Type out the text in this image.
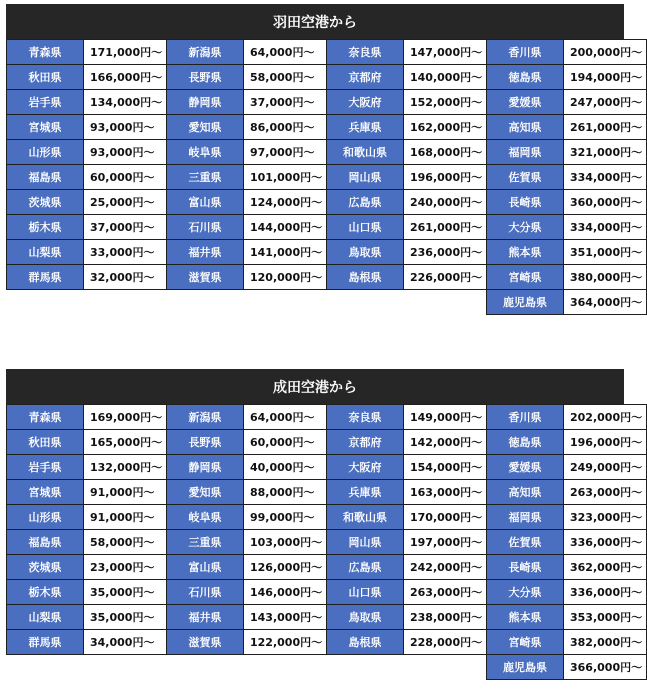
羽田空港から
青森県	171,000円〜	新潟県	64,000円〜	奈良県	147,000円〜	香川県	200,000円〜
秋田県	166,000円〜	長野県	58,000円〜	京都府	140,000円〜	徳島県	194,000円〜
岩手県	134,000円〜	静岡県	37,000円〜	大阪府	152,000円〜	愛媛県	247,000円〜
宮城県	93,000円〜	愛知県	86,000円〜	兵庫県	162,000円〜	高知県	261,000円〜
山形県	93,000円〜	岐阜県	97,000円〜	和歌山県	168,000円〜	福岡県	321,000円〜
福島県	60,000円〜	三重県	101,000円〜	岡山県	196,000円〜	佐賀県	334,000円〜
茨城県	25,000円〜	富山県	124,000円〜	広島県	240,000円〜	長崎県	360,000円〜
栃木県	37,000円〜	石川県	144,000円〜	山口県	261,000円〜	大分県	334,000円〜
山梨県	33,000円〜	福井県	141,000円〜	鳥取県	236,000円〜	熊本県	351,000円〜
群馬県	32,000円〜	滋賀県	120,000円〜	島根県	226,000円〜	宮崎県	380,000円〜
						鹿児島県	364,000円〜
成田空港から
青森県	169,000円〜	新潟県	64,000円〜	奈良県	149,000円〜	香川県	202,000円〜
秋田県	165,000円〜	長野県	60,000円〜	京都府	142,000円〜	徳島県	196,000円〜
岩手県	132,000円〜	静岡県	40,000円〜	大阪府	154,000円〜	愛媛県	249,000円〜
宮城県	91,000円〜	愛知県	88,000円〜	兵庫県	163,000円〜	高知県	263,000円〜
山形県	91,000円〜	岐阜県	99,000円〜	和歌山県	170,000円〜	福岡県	323,000円〜
福島県	58,000円〜	三重県	103,000円〜	岡山県	197,000円〜	佐賀県	336,000円〜
茨城県	23,000円〜	富山県	126,000円〜	広島県	242,000円〜	長崎県	362,000円〜
栃木県	35,000円〜	石川県	146,000円〜	山口県	263,000円〜	大分県	336,000円〜
山梨県	35,000円〜	福井県	143,000円〜	鳥取県	238,000円〜	熊本県	353,000円〜
群馬県	34,000円〜	滋賀県	122,000円〜	島根県	228,000円〜	宮崎県	382,000円〜
						鹿児島県	366,000円〜
